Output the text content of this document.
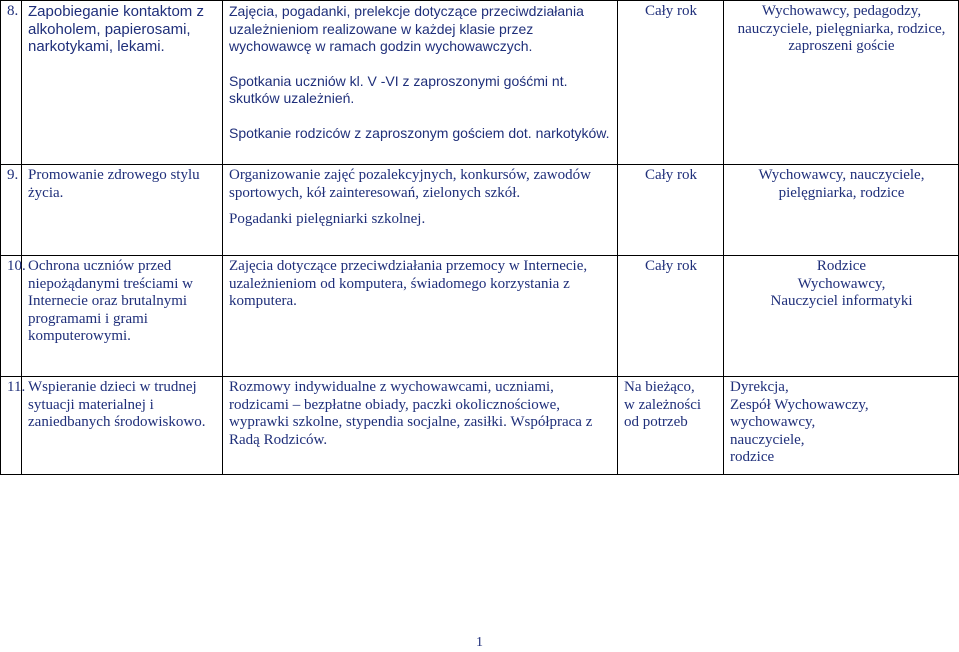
8.	Zapobieganie kontaktom z alkoholem, papierosami, narkotykami, lekami.	Zajęcia, pogadanki, prelekcje dotyczące przeciwdziałania uzależnieniom realizowane w każdej klasie przez wychowawcę w ramach godzin wychowawczych.
Spotkania uczniów kl. V -VI z zaproszonymi gośćmi nt. skutków uzależnień.
Spotkanie rodziców z zaproszonym gościem dot. narkotyków.	Cały rok	Wychowawcy, pedagodzy, nauczyciele, pielęgniarka, rodzice, zaproszeni goście
9.	Promowanie zdrowego stylu życia.	Organizowanie zajęć pozalekcyjnych, konkursów, zawodów sportowych, kół zainteresowań, zielonych szkół.
Pogadanki pielęgniarki szkolnej.	Cały rok	Wychowawcy, nauczyciele, pielęgniarka, rodzice
10.	Ochrona uczniów przed niepożądanymi treściami w Internecie oraz brutalnymi programami i grami komputerowymi.	Zajęcia dotyczące przeciwdziałania przemocy w Internecie, uzależnieniom od komputera, świadomego korzystania z komputera.	Cały rok	Rodzice
Wychowawcy,
Nauczyciel informatyki

11.	Wspieranie dzieci w trudnej sytuacji materialnej i zaniedbanych środowiskowo.	Rozmowy indywidualne z wychowawcami, uczniami, rodzicami – bezpłatne obiady, paczki okolicznościowe, wyprawki szkolne, stypendia socjalne, zasiłki. Współpraca z Radą Rodziców.	Na bieżąco,
w zależności
od potrzeb	Dyrekcja,
Zespół Wychowawczy,
wychowawcy,
nauczyciele,
rodzice
1
